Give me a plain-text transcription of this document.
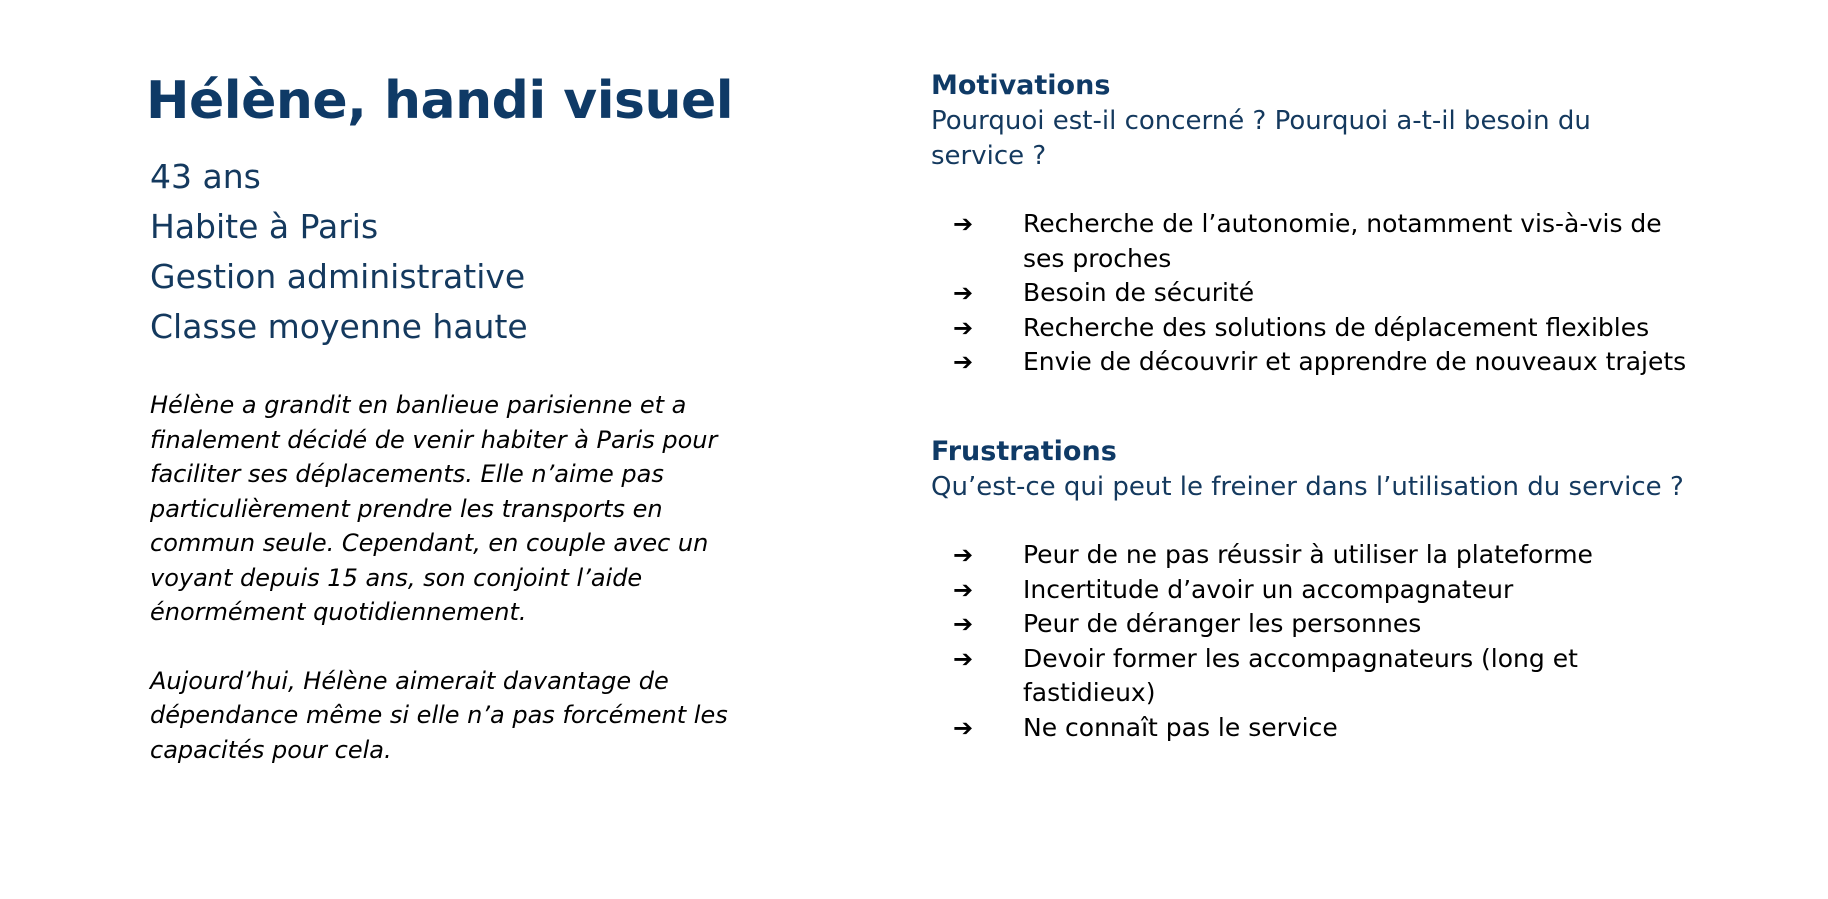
Hélène, handi visuel
43 ans
Habite à Paris
Gestion administrative
Classe moyenne haute

Hélène a grandit en banlieue parisienne et a finalement décidé de venir habiter à Paris pour faciliter ses déplacements. Elle n’aime pas particulièrement prendre les transports en commun seule. Cependant, en couple avec un voyant depuis 15 ans, son conjoint l’aide énormément quotidiennement.

Aujourd’hui, Hélène aimerait davantage de dépendance même si elle n’a pas forcément les capacités pour cela.

Motivations

Pourquoi est-il concerné ? Pourquoi a-t-il besoin du service ?

➔	Recherche de l’autonomie, notamment vis-à-vis de ses proches
➔	Besoin de sécurité
➔	Recherche des solutions de déplacement flexibles
➔	Envie de découvrir et apprendre de nouveaux trajets
Frustrations

Qu’est-ce qui peut le freiner dans l’utilisation du service ?

➔	Peur de ne pas réussir à utiliser la plateforme
➔	Incertitude d’avoir un accompagnateur
➔	Peur de déranger les personnes
➔	Devoir former les accompagnateurs (long et fastidieux)
➔	Ne connaît pas le service
